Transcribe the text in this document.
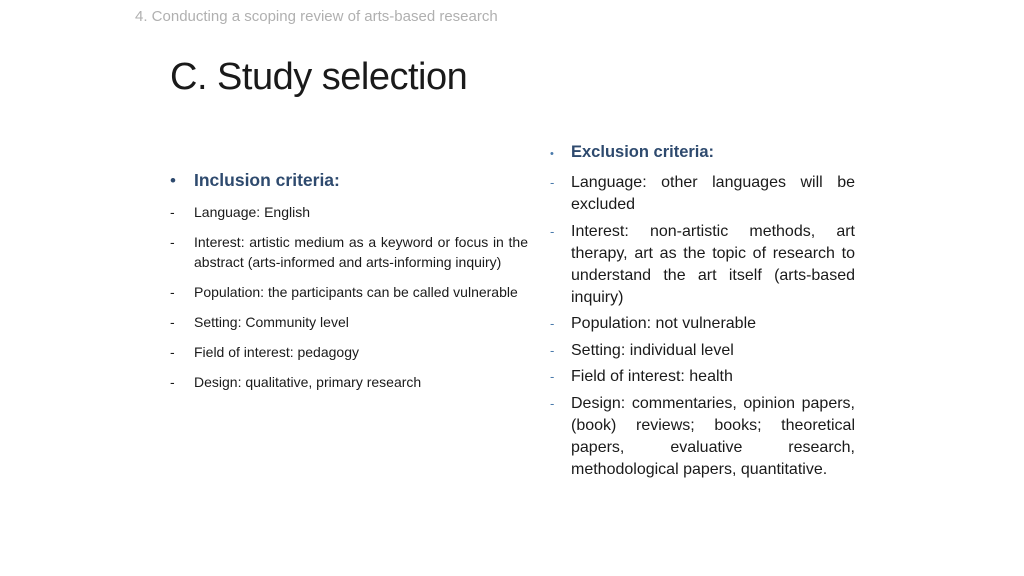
4. Conducting a scoping review of arts-based research
C. Study selection
•	Inclusion criteria:
-	Language: English
-	Interest: artistic medium as a keyword or focus in the abstract (arts-informed and arts-informing inquiry)
-	Population: the participants can be called vulnerable
-	Setting: Community level
-	Field of interest: pedagogy
-	Design: qualitative, primary research
•	Exclusion criteria:
-	Language: other languages will be excluded
-	Interest: non-artistic methods, art therapy, art as the topic of research to understand the art itself (arts-based inquiry)
-	Population: not vulnerable
-	Setting: individual level
-	Field of interest: health
-	Design: commentaries, opinion papers, (book) reviews; books; theoretical papers, evaluative research, methodological papers, quantitative.
